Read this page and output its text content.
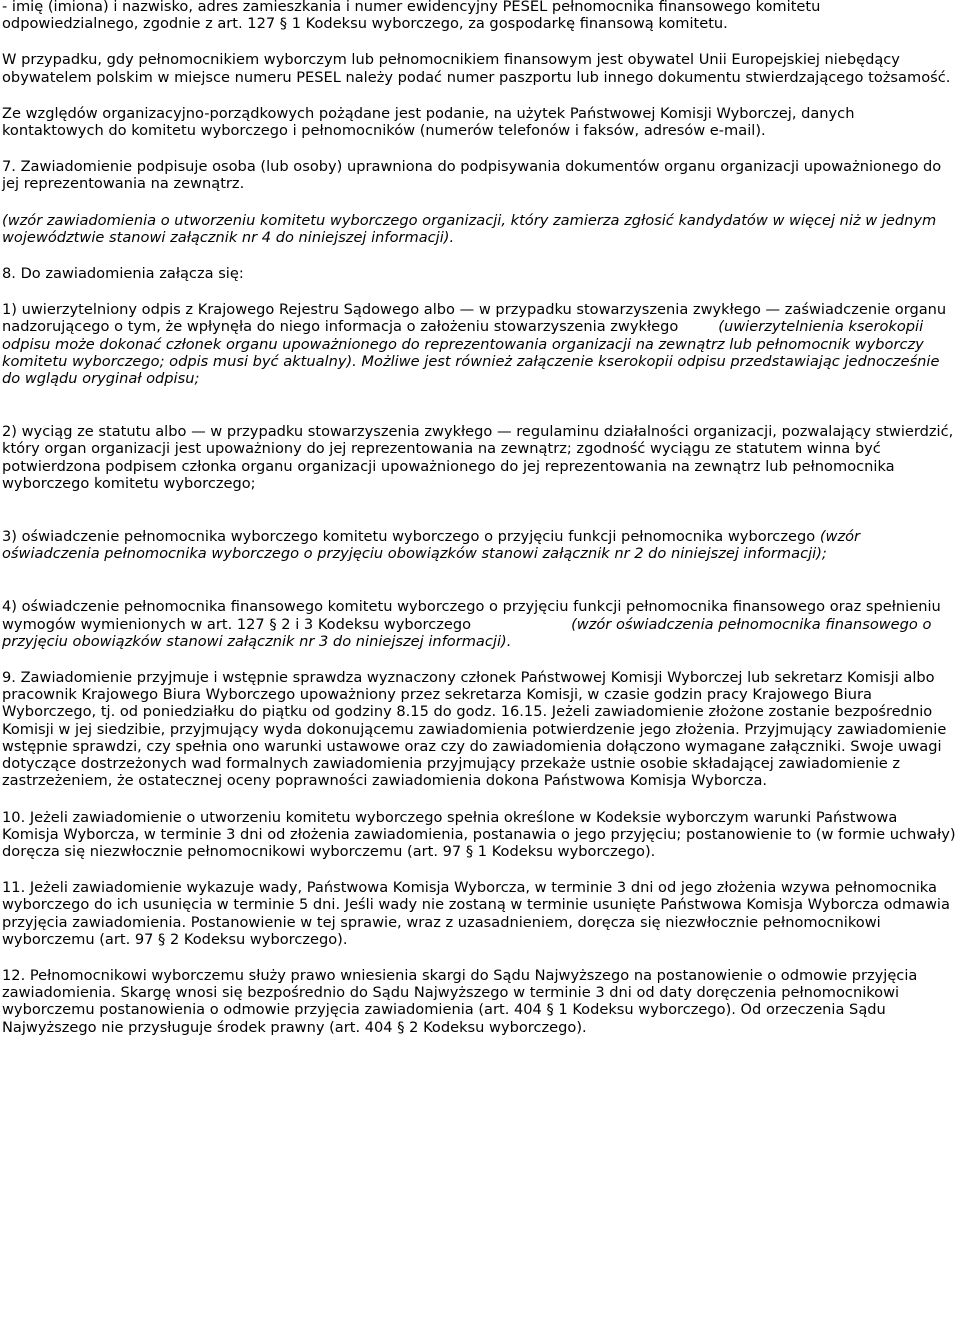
- imię (imiona) i nazwisko, adres zamieszkania i numer ewidencyjny PESEL pełnomocnika finansowego komitetu
odpowiedzialnego, zgodnie z art. 127 § 1 Kodeksu wyborczego, za gospodarkę finansową komitetu.

W przypadku, gdy pełnomocnikiem wyborczym lub pełnomocnikiem finansowym jest obywatel Unii Europejskiej niebędący obywatelem polskim w miejsce numeru PESEL należy podać numer paszportu lub innego dokumentu stwierdzającego tożsamość.

Ze względów organizacyjno-porządkowych pożądane jest podanie, na użytek Państwowej Komisji Wyborczej, danych kontaktowych do komitetu wyborczego i pełnomocników (numerów telefonów i faksów, adresów e-mail).

7. Zawiadomienie podpisuje osoba (lub osoby) uprawniona do podpisywania dokumentów organu organizacji upoważnionego do jej reprezentowania na zewnątrz.

(wzór zawiadomienia o utworzeniu komitetu wyborczego organizacji, który zamierza zgłosić kandydatów w więcej niż w jednym województwie stanowi załącznik nr 4 do niniejszej informacji).

8. Do zawiadomienia załącza się:

1) uwierzytelniony odpis z Krajowego Rejestru Sądowego albo — w przypadku stowarzyszenia zwykłego — zaświadczenie organu nadzorującego o tym, że wpłynęła do niego informacja o założeniu stowarzyszenia zwykłego	(uwierzytelnienia kserokopii odpisu może dokonać członek organu upoważnionego do reprezentowania organizacji na zewnątrz lub pełnomocnik wyborczy komitetu wyborczego; odpis musi być aktualny). Możliwe jest również załączenie kserokopii odpisu przedstawiając jednocześnie do wglądu oryginał odpisu;

2) wyciąg ze statutu albo — w przypadku stowarzyszenia zwykłego — regulaminu działalności organizacji, pozwalający stwierdzić, który organ organizacji jest upoważniony do jej reprezentowania na zewnątrz; zgodność wyciągu ze statutem winna być potwierdzona podpisem członka organu organizacji upoważnionego do jej reprezentowania na zewnątrz lub pełnomocnika wyborczego komitetu wyborczego;

3) oświadczenie pełnomocnika wyborczego komitetu wyborczego o przyjęciu funkcji pełnomocnika wyborczego (wzór oświadczenia pełnomocnika wyborczego o przyjęciu obowiązków stanowi załącznik nr 2 do niniejszej informacji);

4) oświadczenie pełnomocnika finansowego komitetu wyborczego o przyjęciu funkcji pełnomocnika finansowego oraz spełnieniu wymogów wymienionych w art. 127 § 2 i 3 Kodeksu wyborczego	(wzór oświadczenia pełnomocnika finansowego o przyjęciu obowiązków stanowi załącznik nr 3 do niniejszej informacji).

9. Zawiadomienie przyjmuje i wstępnie sprawdza wyznaczony członek Państwowej Komisji Wyborczej lub sekretarz Komisji albo pracownik Krajowego Biura Wyborczego upoważniony przez sekretarza Komisji, w czasie godzin pracy Krajowego Biura Wyborczego, tj. od poniedziałku do piątku od godziny 8.15 do godz. 16.15. Jeżeli zawiadomienie złożone zostanie bezpośrednio Komisji w jej siedzibie, przyjmujący wyda dokonującemu zawiadomienia potwierdzenie jego złożenia. Przyjmujący zawiadomienie wstępnie sprawdzi, czy spełnia ono warunki ustawowe oraz czy do zawiadomienia dołączono wymagane załączniki. Swoje uwagi dotyczące dostrzeżonych wad formalnych zawiadomienia przyjmujący przekaże ustnie osobie składającej zawiadomienie z zastrzeżeniem, że ostatecznej oceny poprawności zawiadomienia dokona Państwowa Komisja Wyborcza.

10. Jeżeli zawiadomienie o utworzeniu komitetu wyborczego spełnia określone w Kodeksie wyborczym warunki Państwowa Komisja Wyborcza, w terminie 3 dni od złożenia zawiadomienia, postanawia o jego przyjęciu; postanowienie to (w formie uchwały) doręcza się niezwłocznie pełnomocnikowi wyborczemu (art. 97 § 1 Kodeksu wyborczego).

11. Jeżeli zawiadomienie wykazuje wady, Państwowa Komisja Wyborcza, w terminie 3 dni od jego złożenia wzywa pełnomocnika wyborczego do ich usunięcia w terminie 5 dni. Jeśli wady nie zostaną w terminie usunięte Państwowa Komisja Wyborcza odmawia przyjęcia zawiadomienia. Postanowienie w tej sprawie, wraz z uzasadnieniem, doręcza się niezwłocznie pełnomocnikowi wyborczemu (art. 97 § 2 Kodeksu wyborczego).

12. Pełnomocnikowi wyborczemu służy prawo wniesienia skargi do Sądu Najwyższego na postanowienie o odmowie przyjęcia zawiadomienia. Skargę wnosi się bezpośrednio do Sądu Najwyższego w terminie 3 dni od daty doręczenia pełnomocnikowi wyborczemu postanowienia o odmowie przyjęcia zawiadomienia (art. 404 § 1 Kodeksu wyborczego). Od orzeczenia Sądu Najwyższego nie przysługuje środek prawny (art. 404 § 2 Kodeksu wyborczego).
